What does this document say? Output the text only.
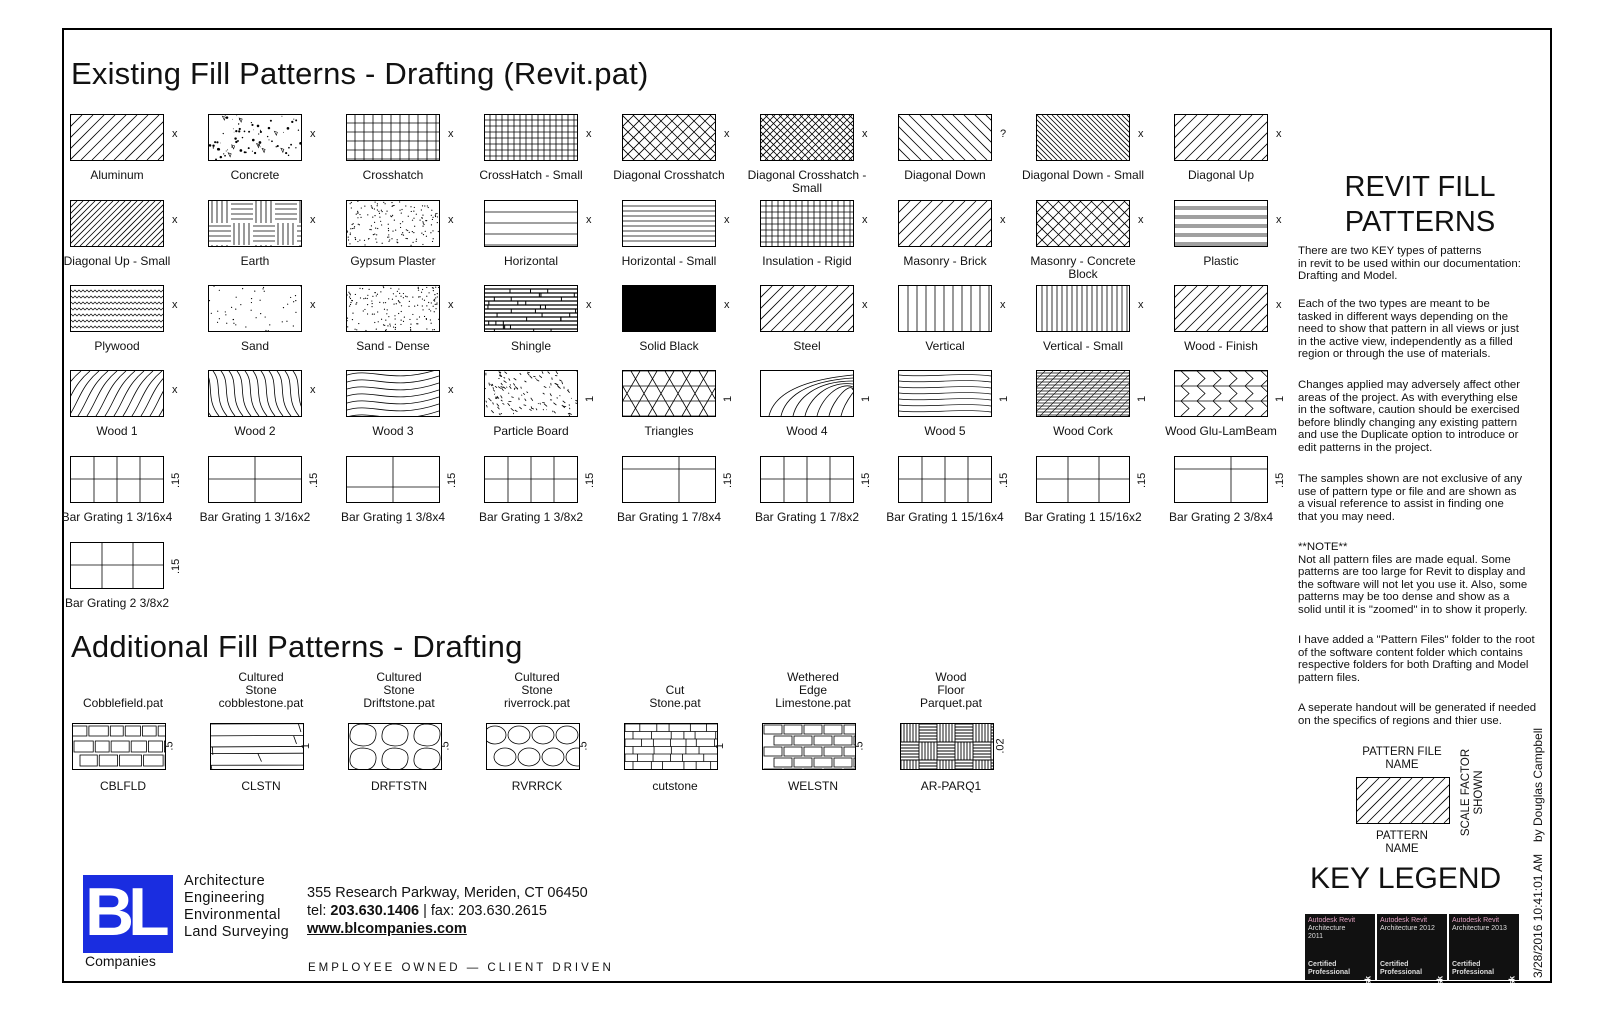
Existing Fill Patterns - Drafting (Revit.pat)
x
Aluminum
x
Concrete
x
Crosshatch
x
CrossHatch - Small
x
Diagonal Crosshatch
x
Diagonal Crosshatch - Small
?
Diagonal Down
x
Diagonal Down - Small
x
Diagonal Up
x
Diagonal Up - Small
x
Earth
x
Gypsum Plaster
x
Horizontal
x
Horizontal - Small
x
Insulation - Rigid
x
Masonry - Brick
x
Masonry - Concrete Block
x
Plastic
x
Plywood
x
Sand
x
Sand - Dense
x
Shingle
x
Solid Black
x
Steel
x
Vertical
x
Vertical - Small
x
Wood - Finish
x
Wood 1
x
Wood 2
x
Wood 3
1
Particle Board
1
Triangles
1
Wood 4
1
Wood 5
1
Wood Cork
1
Wood Glu-LamBeam
.15
Bar Grating 1 3/16x4
.15
Bar Grating 1 3/16x2
.15
Bar Grating 1 3/8x4
.15
Bar Grating 1 3/8x2
.15
Bar Grating 1 7/8x4
.15
Bar Grating 1 7/8x2
.15
Bar Grating 1 15/16x4
.15
Bar Grating 1 15/16x2
.15
Bar Grating 2 3/8x4
.15
Bar Grating 2 3/8x2
Additional Fill Patterns - Drafting
Cobblefield.pat
.5
CBLFLD
Cultured
Stone
cobblestone.pat
1
CLSTN
Cultured
Stone
Driftstone.pat
.5
DRFTSTN
Cultured
Stone
riverrock.pat
.5
RVRRCK
Cut
Stone.pat
1
cutstone
Wethered
Edge
Limestone.pat
.5
WELSTN
Wood
Floor
Parquet.pat
.02
AR-PARQ1
REVIT FILL
PATTERNS
There are two KEY types of patterns
in revit to be used within our documentation:
Drafting and Model.
Each of the two types are meant to be
tasked in different ways depending on the
need to show that pattern in all views or just
in the active view, independently as a filled
region or through the use of materials.
Changes applied may adversely affect other
areas of the project. As with everything else
in the software, caution should be exercised
before blindly changing any existing pattern
and use the Duplicate option to introduce or
edit patterns in the project.
The samples shown are not exclusive of any
use of pattern type or file and are shown as
a visual reference to assist in finding one
that you may need.
**NOTE**
Not all pattern files are made equal. Some
patterns are too large for Revit to display and
the software will not let you use it. Also, some
patterns may be too dense and show as a
solid until it is "zoomed" in to show it properly.
I have added a "Pattern Files" folder to the root
of the software content folder which contains
respective folders for both Drafting and Model
pattern files.
A seperate handout will be generated if needed
on the specifics of regions and thier use.
PATTERN FILE
NAME
PATTERN
NAME
SCALE FACTOR
SHOWN
KEY LEGEND
by Douglas Campbell
3/28/2016 10:41:01 AM
Autodesk Revit
Architecture
2011
Certified
Professional
Autodesk
Autodesk Revit
Architecture 2012
Certified
Professional
Autodesk
Autodesk Revit
Architecture 2013
Certified
Professional
Autodesk
BL
Companies
Architecture
Engineering
Environmental
Land Surveying
355 Research Parkway, Meriden, CT 06450
tel: 203.630.1406 | fax: 203.630.2615
www.blcompanies.com
EMPLOYEE OWNED — CLIENT DRIVEN
